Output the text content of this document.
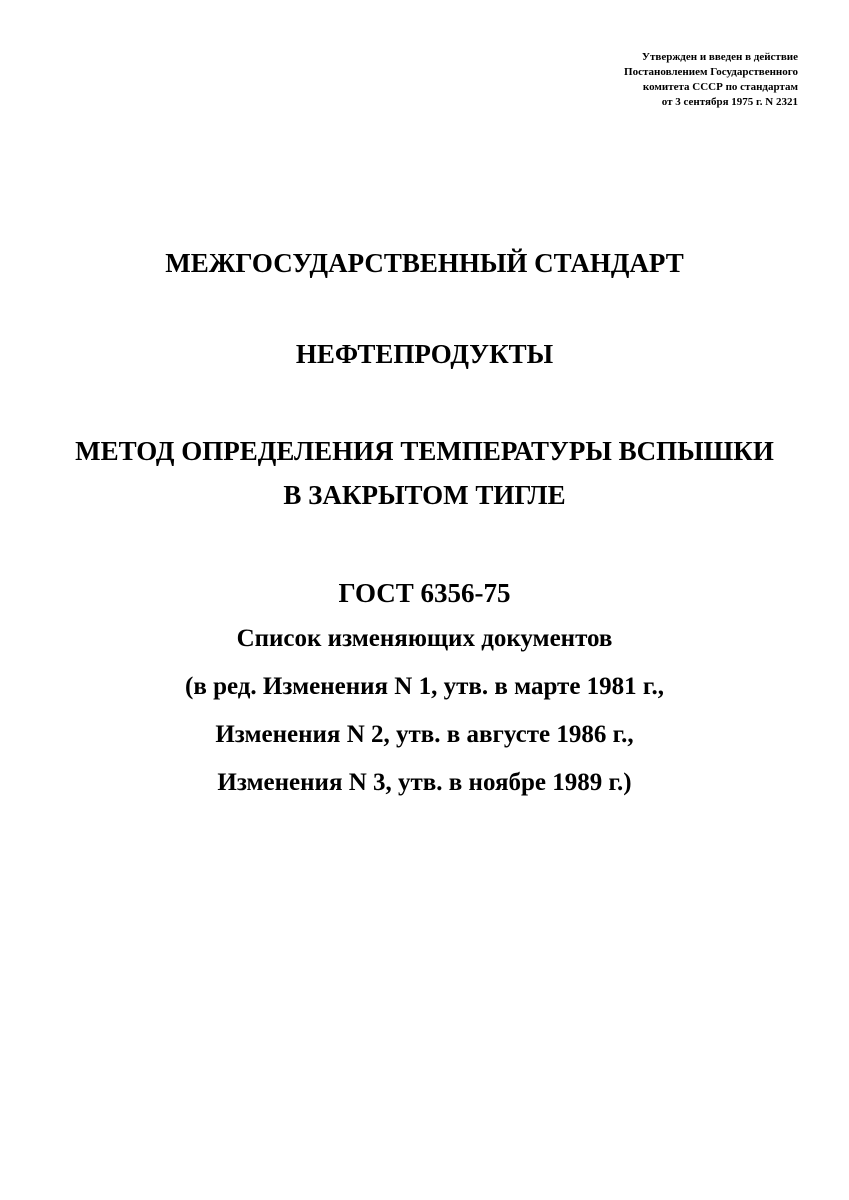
Утвержден и введен в действие
Постановлением Государственного
комитета СССР по стандартам
от 3 сентября 1975 г. N 2321
МЕЖГОСУДАРСТВЕННЫЙ СТАНДАРТ
НЕФТЕПРОДУКТЫ
МЕТОД ОПРЕДЕЛЕНИЯ ТЕМПЕРАТУРЫ ВСПЫШКИ
В ЗАКРЫТОМ ТИГЛЕ
ГОСТ 6356-75
Список изменяющих документов
(в ред. Изменения N 1, утв. в марте 1981 г.,
Изменения N 2, утв. в августе 1986 г.,
Изменения N 3, утв. в ноябре 1989 г.)
